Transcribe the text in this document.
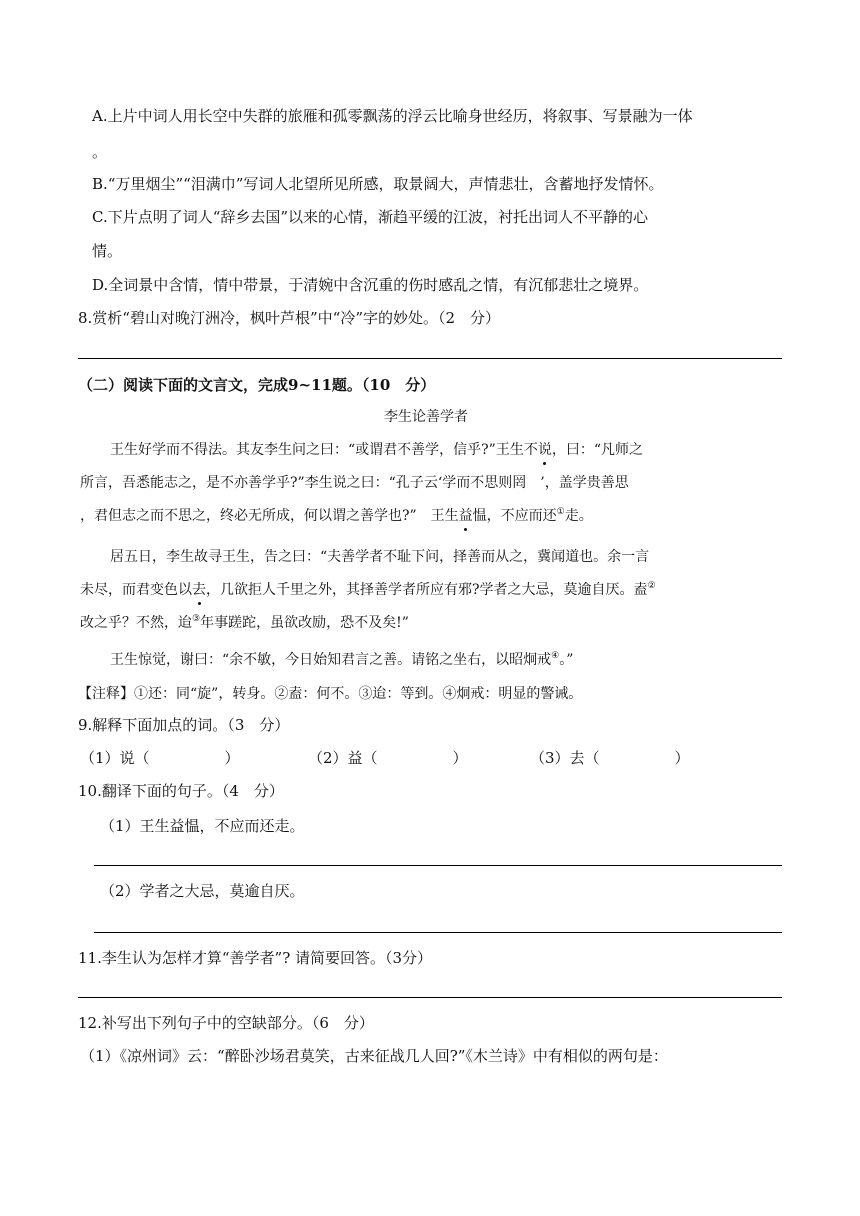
A.上片中词人用长空中失群的旅雁和孤零飘荡的浮云比喻身世经历，将叙事、写景融为一体
。
B.“万里烟尘”“泪满巾”写词人北望所见所感，取景阔大，声情悲壮，含蓄地抒发情怀。
C.下片点明了词人“辞乡去国”以来的心情，渐趋平缓的江波，衬托出词人不平静的心
情。
D.全词景中含情，情中带景，于清婉中含沉重的伤时感乱之情，有沉郁悲壮之境界。
8.赏析“碧山对晚汀洲冷，枫叶芦根”中“冷”字的妙处。（2　分）
（二）阅读下面的文言文，完成9~11题。（10　分）
李生论善学者
王生好学而不得法。其友李生问之曰：“或谓君不善学，信乎?”王生不说，曰：“凡师之
所言，吾悉能志之，是不亦善学乎?”李生说之曰：“孔子云‘学而不思则罔　’，盖学贵善思
，君但志之而不思之，终必无所成，何以谓之善学也?”　王生益愠，不应而还①走。
居五日，李生故寻王生，告之曰：“夫善学者不耻下问，择善而从之，冀闻道也。余一言
未尽，而君变色以去，几欲拒人千里之外，其择善学者所应有邪?学者之大忌，莫逾自厌。盍②
改之乎？不然，迨③年事蹉跎，虽欲改励，恐不及矣!”
王生惊觉，谢曰：“余不敏，今日始知君言之善。请铭之坐右，以昭炯戒④。”
【注释】①还：同“旋”，转身。②盍：何不。③迨：等到。④炯戒：明显的警诫。
9.解释下面加点的词。（3　分）
（1）说（　　　　　）	（2）益（　　　　　）	（3）去（　　　　　）
10.翻译下面的句子。（4　分）
（1）王生益愠，不应而还走。
（2）学者之大忌，莫逾自厌。
11.李生认为怎样才算“善学者”? 请简要回答。（3分）
12.补写出下列句子中的空缺部分。（6　分）
（1）《凉州词》云：“醉卧沙场君莫笑，古来征战几人回?”《木兰诗》中有相似的两句是：
